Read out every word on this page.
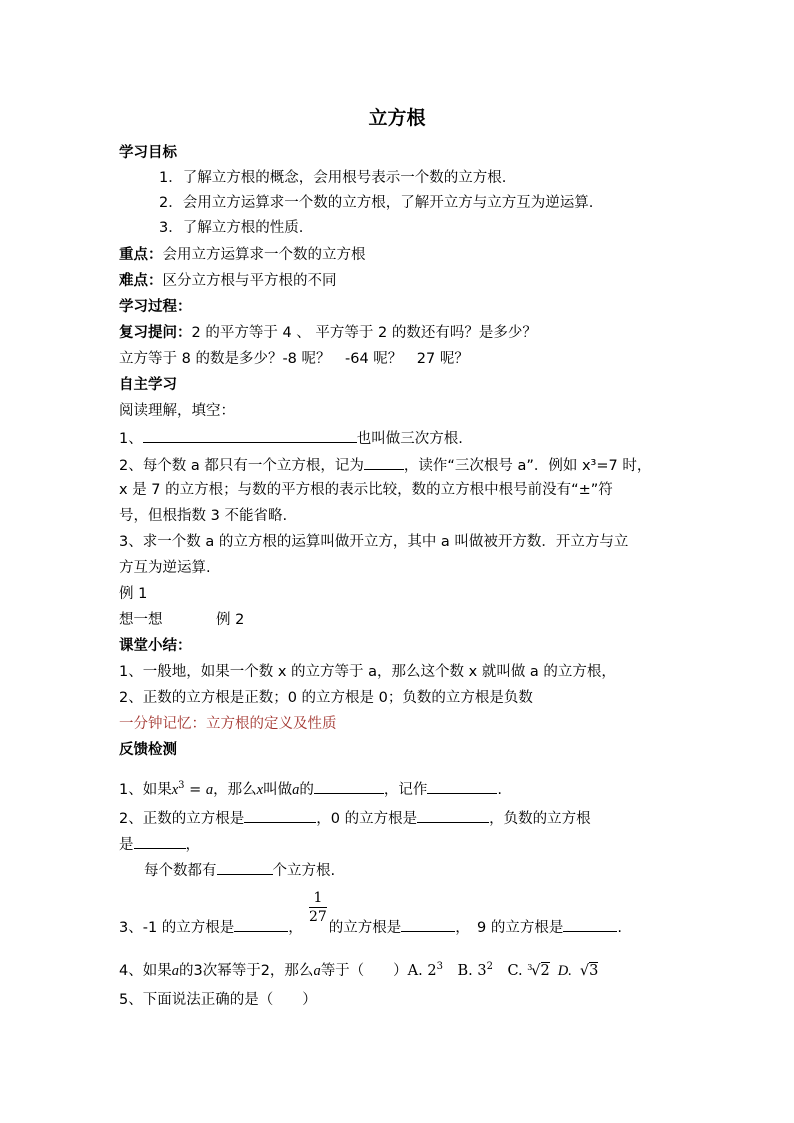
立方根
学习目标
1．了解立方根的概念，会用根号表示一个数的立方根.
2．会用立方运算求一个数的立方根，了解开立方与立方互为逆运算.
3．了解立方根的性质.
重点：会用立方运算求一个数的立方根
难点：区分立方根与平方根的不同
学习过程：
复习提问：2 的平方等于 4 、 平方等于 2 的数还有吗？是多少？
立方等于 8 的数是多少？-8 呢？　-64 呢？　27 呢？
自主学习
阅读理解，填空：
1、	也叫做三次方根.
2、每个数 a 都只有一个立方根，记为	，读作“三次根号 a”．例如 x³=7 时，
x 是 7 的立方根；与数的平方根的表示比较，数的立方根中根号前没有“±”符
号，但根指数 3 不能省略.
3、求一个数 a 的立方根的运算叫做开立方，其中 a 叫做被开方数．开立方与立
方互为逆运算.
例 1
想一想	例 2
课堂小结：
1、一般地，如果一个数 x 的立方等于 a，那么这个数 x 就叫做 a 的立方根，
2、正数的立方根是正数；0 的立方根是 0；负数的立方根是负数
一分钟记忆：立方根的定义及性质
反馈检测
1、如果$x^3 = a$，那么x叫做a的	，记作	.
2、正数的立方根是	，0 的立方根是	，负数的立方根
是	，
每个数都有	个立方根.
3、-1 的立方根是	， 的立方根是	，　9 的立方根是	.
$\frac{1}{27}$
4、如果a的3次幂等于2，那么a等于（　　）A. $2^3$　B. $3^2$　C. 3
√2 D. √3
5、下面说法正确的是（　　）
